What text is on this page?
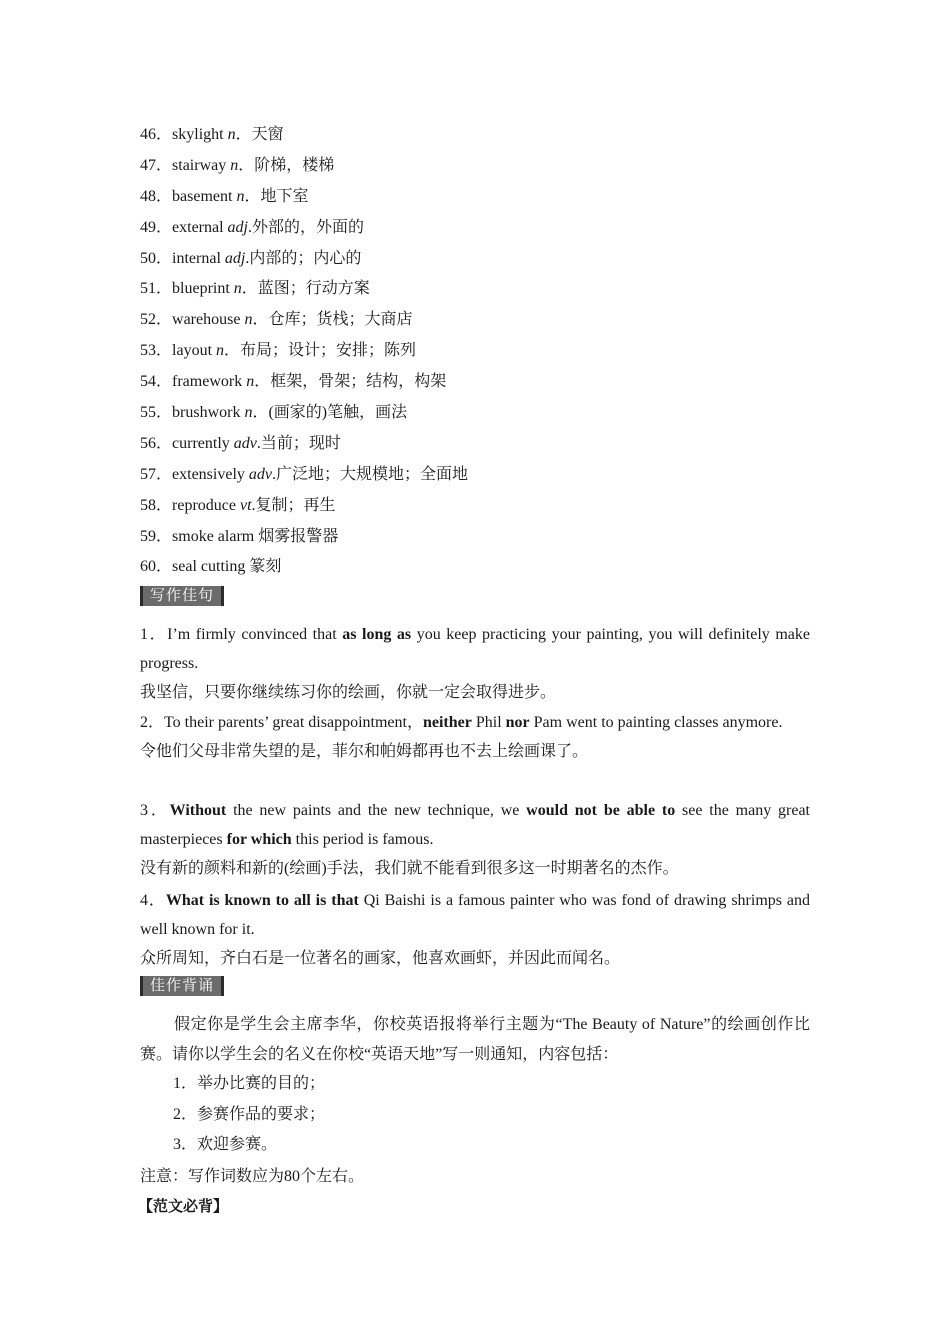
46．skylight n．天窗
47．stairway n．阶梯，楼梯
48．basement n．地下室
49．external adj.外部的，外面的
50．internal adj.内部的；内心的
51．blueprint n．蓝图；行动方案
52．warehouse n．仓库；货栈；大商店
53．layout n．布局；设计；安排；陈列
54．framework n．框架，骨架；结构，构架
55．brushwork n．(画家的)笔触，画法
56．currently adv.当前；现时
57．extensively adv.广泛地；大规模地；全面地
58．reproduce vt.复制；再生
59．smoke alarm 烟雾报警器
60．seal cutting 篆刻
写作佳句
1．I’m firmly convinced that as long as you keep practicing your painting, you will definitely make progress.
我坚信，只要你继续练习你的绘画，你就一定会取得进步。
2．To their parents’ great disappointment，neither Phil nor Pam went to painting classes anymore.
令他们父母非常失望的是，菲尔和帕姆都再也不去上绘画课了。
3．Without the new paints and the new technique, we would not be able to see the many great masterpieces for which this period is famous.
没有新的颜料和新的(绘画)手法，我们就不能看到很多这一时期著名的杰作。
4．What is known to all is that Qi Baishi is a famous painter who was fond of drawing shrimps and well known for it.
众所周知，齐白石是一位著名的画家，他喜欢画虾，并因此而闻名。
佳作背诵
假定你是学生会主席李华，你校英语报将举行主题为“The Beauty of Nature”的绘画创作比赛。请你以学生会的名义在你校“英语天地”写一则通知，内容包括：
1．举办比赛的目的；
2．参赛作品的要求；
3．欢迎参赛。
注意：写作词数应为80个左右。
【范文必背】
